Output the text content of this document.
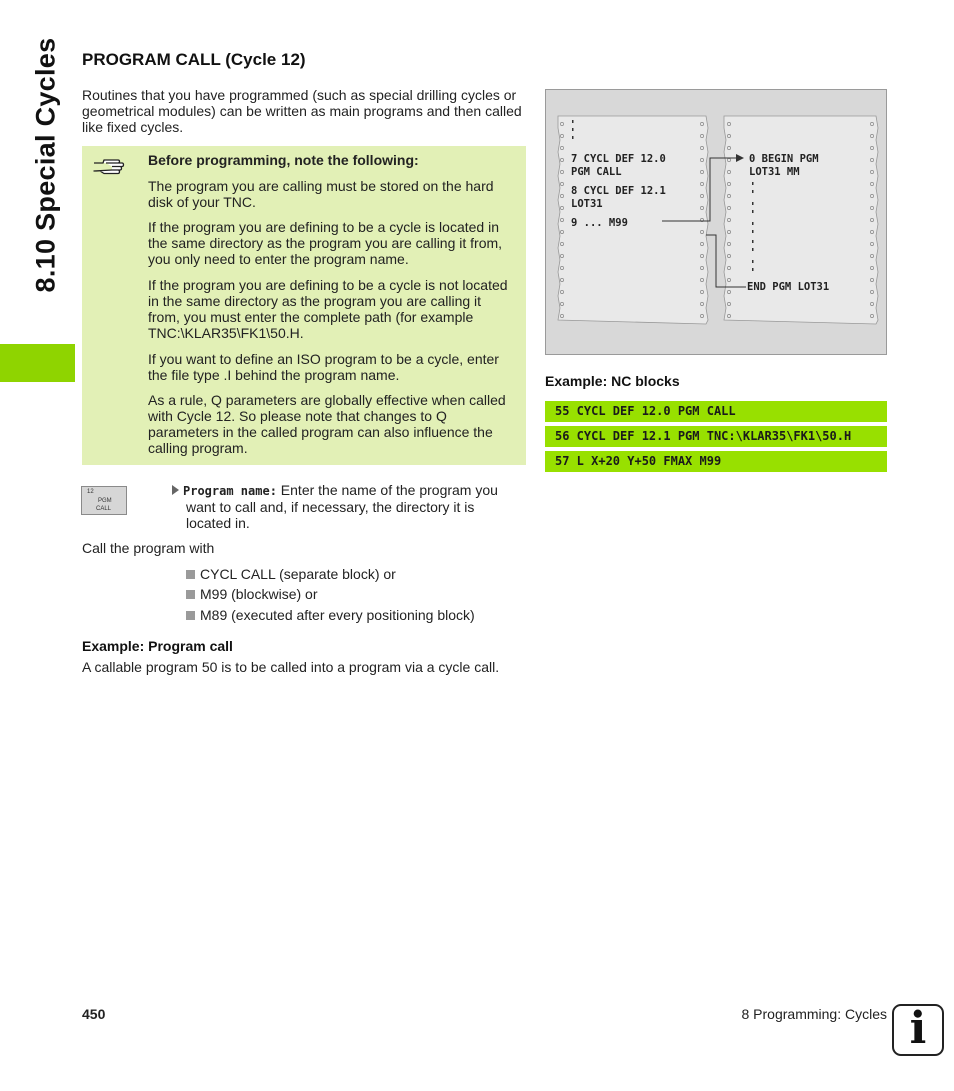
8.10 Special Cycles PROGRAM CALL (Cycle 12)

Routines that you have programmed (such as special drilling cycles or geometrical modules) can be written as main programs and then called like fixed cycles.

Before programming, note the following:
The program you are calling must be stored on the hard disk of your TNC.
If the program you are defining to be a cycle is located in the same directory as the program you are calling it from, you only need to enter the program name.
If the program you are defining to be a cycle is not located in the same directory as the program you are calling it from, you must enter the complete path (for example TNC:\KLAR35\FK1\50.H.
If you want to define an ISO program to be a cycle, enter the file type .I behind the program name.
As a rule, Q parameters are globally effective when called with Cycle 12. So please note that changes to Q parameters in the called program can also influence the calling program.
12
PGM
CALL
Program name: Enter the name of the program you want to call and, if necessary, the directory it is located in.
Call the program with
CYCL CALL (separate block) or
M99 (blockwise) or
M89 (executed after every positioning block)
Example: Program call
A callable program 50 is to be called into a program via a cycle call.
7 CYCL DEF 12.0
PGM CALL
8 CYCL DEF 12.1
LOT31
9 ... M99
0 BEGIN PGM
LOT31 MM
END PGM LOT31
Example: NC blocks
55 CYCL DEF 12.0 PGM CALL
56 CYCL DEF 12.1 PGM TNC:\KLAR35\FK1\50.H
57 L X+20 Y+50 FMAX M99
450	8 Programming: Cycles i
